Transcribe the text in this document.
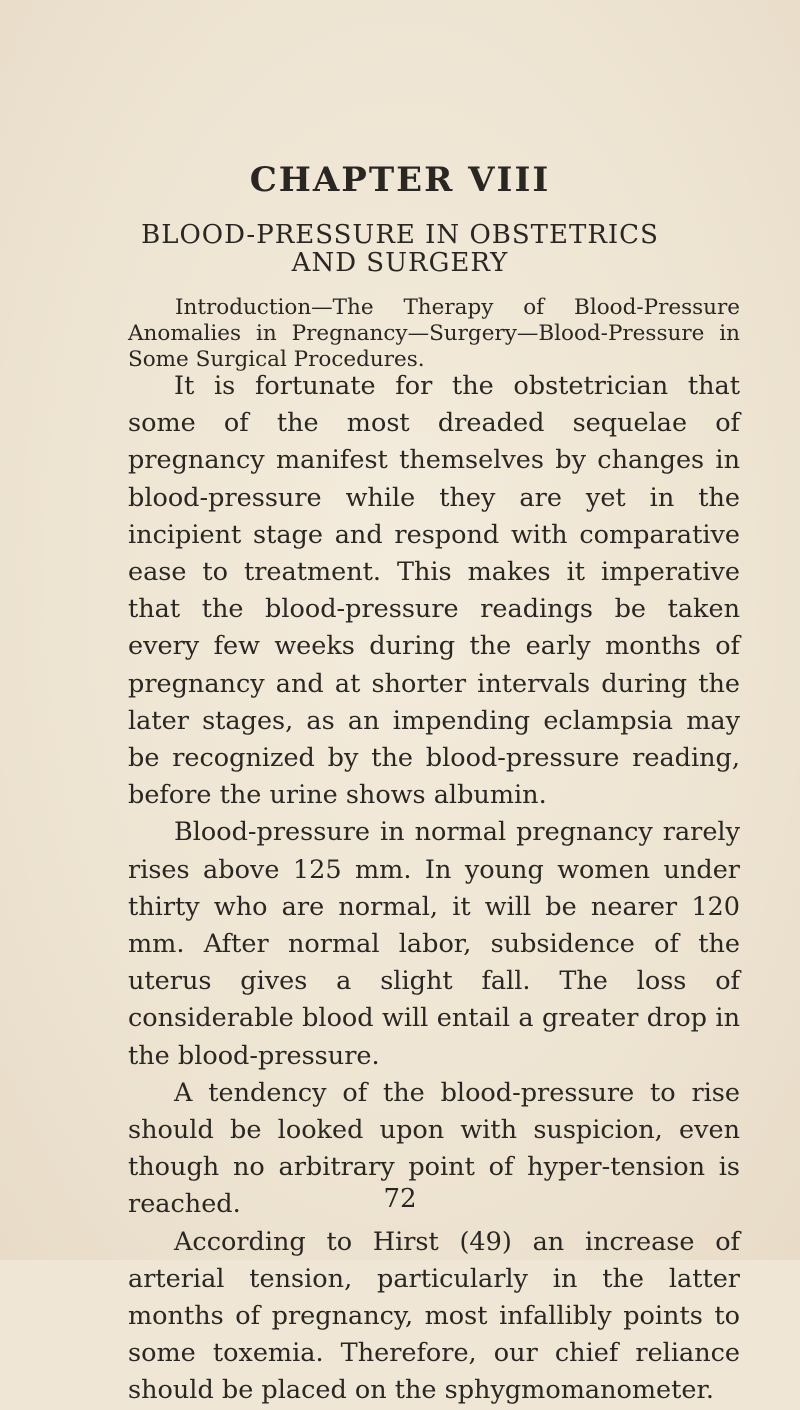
CHAPTER VIII
BLOOD-PRESSURE IN OBSTETRICS
AND SURGERY

Introduction—The Therapy of Blood-Pressure Anomalies in Pregnancy—Surgery—Blood-Pressure in Some Surgical Procedures.

It is fortunate for the obstetrician that some of the most dreaded sequelae of pregnancy manifest themselves by changes in blood-pressure while they are yet in the incipient stage and respond with comparative ease to treatment. This makes it imperative that the blood-pressure readings be taken every few weeks during the early months of pregnancy and at shorter intervals during the later stages, as an impending eclampsia may be recognized by the blood-pressure reading, before the urine shows albumin.

Blood-pressure in normal pregnancy rarely rises above 125 mm. In young women under thirty who are normal, it will be nearer 120 mm. After normal labor, subsidence of the uterus gives a slight fall. The loss of considerable blood will entail a greater drop in the blood-pressure.

A tendency of the blood-pressure to rise should be looked upon with suspicion, even though no arbitrary point of hyper-tension is reached.

According to Hirst (49) an increase of arterial tension, particularly in the latter months of pregnancy, most infallibly points to some toxemia. Therefore, our chief reliance should be placed on the sphygmomanometer.

72
